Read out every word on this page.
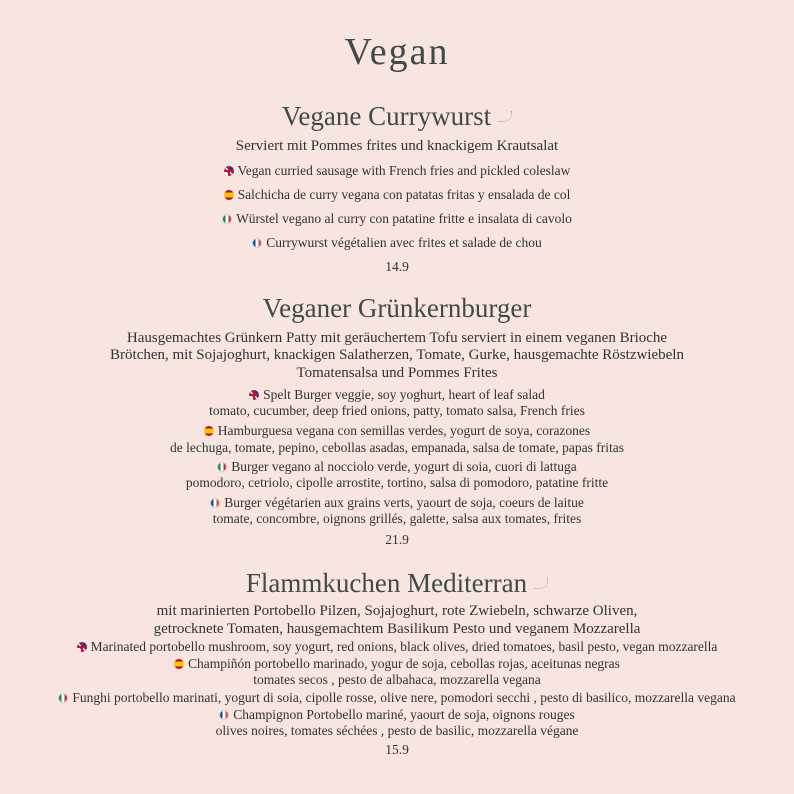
Vegan
Vegane Currywurst
Serviert mit Pommes frites und knackigem Krautsalat
Vegan curried sausage with French fries and pickled coleslaw
Salchicha de curry vegana con patatas fritas y ensalada de col
Würstel vegano al curry con patatine fritte e insalata di cavolo
Currywurst végétalien avec frites et salade de chou
14.9
Veganer Grünkernburger
Hausgemachtes Grünkern Patty mit geräuchertem Tofu serviert in einem veganen Brioche
Brötchen, mit Sojajoghurt, knackigen Salatherzen, Tomate, Gurke, hausgemachte Röstzwiebeln
Tomatensalsa und Pommes Frites
Spelt Burger veggie, soy yoghurt, heart of leaf salad
tomato, cucumber, deep fried onions, patty, tomato salsa, French fries
Hamburguesa vegana con semillas verdes, yogurt de soya, corazones
de lechuga, tomate, pepino, cebollas asadas, empanada, salsa de tomate, papas fritas
Burger vegano al nocciolo verde, yogurt di soia, cuori di lattuga
pomodoro, cetriolo, cipolle arrostite, tortino, salsa di pomodoro, patatine fritte
Burger végétarien aux grains verts, yaourt de soja, coeurs de laitue
tomate, concombre, oignons grillés, galette, salsa aux tomates, frites
21.9
Flammkuchen Mediterran
mit marinierten Portobello Pilzen, Sojajoghurt, rote Zwiebeln, schwarze Oliven,
getrocknete Tomaten, hausgemachtem Basilikum Pesto und veganem Mozzarella
Marinated portobello mushroom, soy yogurt, red onions, black olives, dried tomatoes, basil pesto, vegan mozzarella
Champiñón portobello marinado, yogur de soja, cebollas rojas, aceitunas negras
tomates secos , pesto de albahaca, mozzarella vegana
Funghi portobello marinati, yogurt di soia, cipolle rosse, olive nere, pomodori secchi , pesto di basilico, mozzarella vegana
Champignon Portobello mariné, yaourt de soja, oignons rouges
olives noires, tomates séchées , pesto de basilic, mozzarella végane
15.9
